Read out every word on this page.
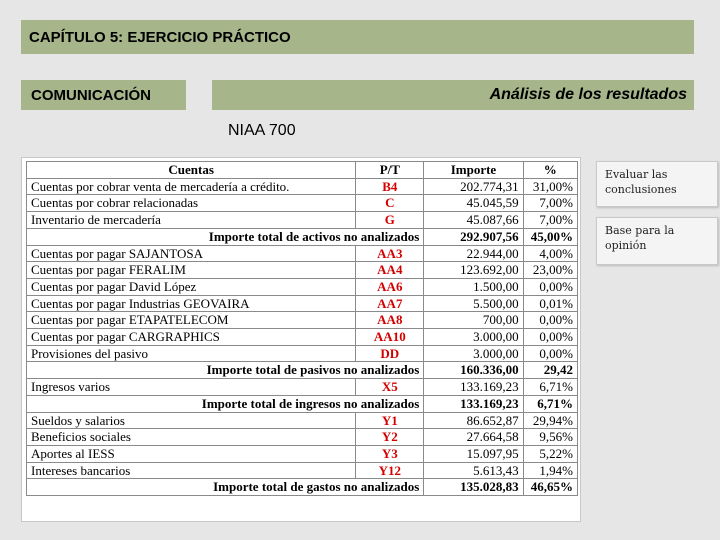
CAPÍTULO 5: EJERCICIO PRÁCTICO
COMUNICACIÓN	Análisis de los resultados
NIAA 700
Cuentas	P/T	Importe	%
Cuentas por cobrar venta de mercadería a crédito.	B4	202.774,31	31,00%
Cuentas por cobrar relacionadas	C	45.045,59	7,00%
Inventario de mercadería	G	45.087,66	7,00%
Importe total de activos no analizados		292.907,56	45,00%
Cuentas por pagar SAJANTOSA	AA3	22.944,00	4,00%
Cuentas por pagar FERALIM	AA4	123.692,00	23,00%
Cuentas por pagar David López	AA6	1.500,00	0,00%
Cuentas por pagar Industrias GEOVAIRA	AA7	5.500,00	0,01%
Cuentas por pagar ETAPATELECOM	AA8	700,00	0,00%
Cuentas por pagar CARGRAPHICS	AA10	3.000,00	0,00%
Provisiones del pasivo	DD	3.000,00	0,00%
Importe total de pasivos no analizados		160.336,00	29,42
Ingresos varios	X5	133.169,23	6,71%
Importe total de ingresos no analizados		133.169,23	6,71%
Sueldos y salarios	Y1	86.652,87	29,94%
Beneficios sociales	Y2	27.664,58	9,56%
Aportes al IESS	Y3	15.097,95	5,22%
Intereses bancarios	Y12	5.613,43	1,94%
Importe total de gastos no analizados		135.028,83	46,65%
Evaluar las conclusiones
Base para la opinión
